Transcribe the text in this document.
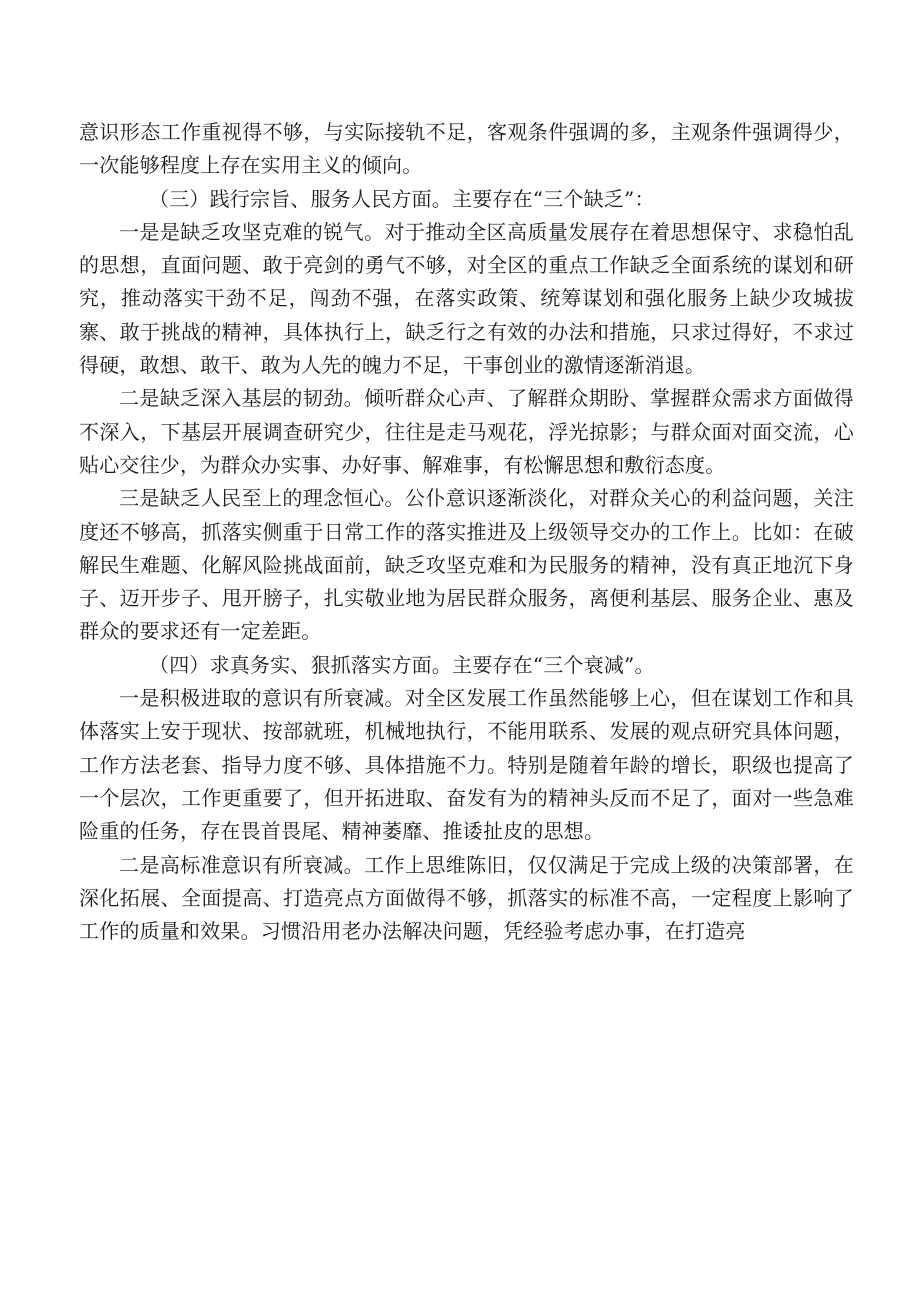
意识形态工作重视得不够，与实际接轨不足，客观条件强调的多，主观条件强调得少，一次能够程度上存在实用主义的倾向。

（三）践行宗旨、服务人民方面。主要存在“三个缺乏”：

一是是缺乏攻坚克难的锐气。对于推动全区高质量发展存在着思想保守、求稳怕乱的思想，直面问题、敢于亮剑的勇气不够，对全区的重点工作缺乏全面系统的谋划和研究，推动落实干劲不足，闯劲不强，在落实政策、统筹谋划和强化服务上缺少攻城拔寨、敢于挑战的精神，具体执行上，缺乏行之有效的办法和措施，只求过得好，不求过得硬，敢想、敢干、敢为人先的魄力不足，干事创业的激情逐渐消退。

二是缺乏深入基层的韧劲。倾听群众心声、了解群众期盼、掌握群众需求方面做得不深入，下基层开展调查研究少，往往是走马观花，浮光掠影；与群众面对面交流，心贴心交往少，为群众办实事、办好事、解难事，有松懈思想和敷衍态度。

三是缺乏人民至上的理念恒心。公仆意识逐渐淡化，对群众关心的利益问题，关注度还不够高，抓落实侧重于日常工作的落实推进及上级领导交办的工作上。比如：在破解民生难题、化解风险挑战面前，缺乏攻坚克难和为民服务的精神，没有真正地沉下身子、迈开步子、甩开膀子，扎实敬业地为居民群众服务，离便利基层、服务企业、惠及群众的要求还有一定差距。

（四）求真务实、狠抓落实方面。主要存在“三个衰减”。

一是积极进取的意识有所衰减。对全区发展工作虽然能够上心，但在谋划工作和具体落实上安于现状、按部就班，机械地执行，不能用联系、发展的观点研究具体问题，工作方法老套、指导力度不够、具体措施不力。特别是随着年龄的增长，职级也提高了一个层次，工作更重要了，但开拓进取、奋发有为的精神头反而不足了，面对一些急难险重的任务，存在畏首畏尾、精神萎靡、推诿扯皮的思想。

二是高标准意识有所衰减。工作上思维陈旧，仅仅满足于完成上级的决策部署，在深化拓展、全面提高、打造亮点方面做得不够，抓落实的标准不高，一定程度上影响了工作的质量和效果。习惯沿用老办法解决问题，凭经验考虑办事，在打造亮
